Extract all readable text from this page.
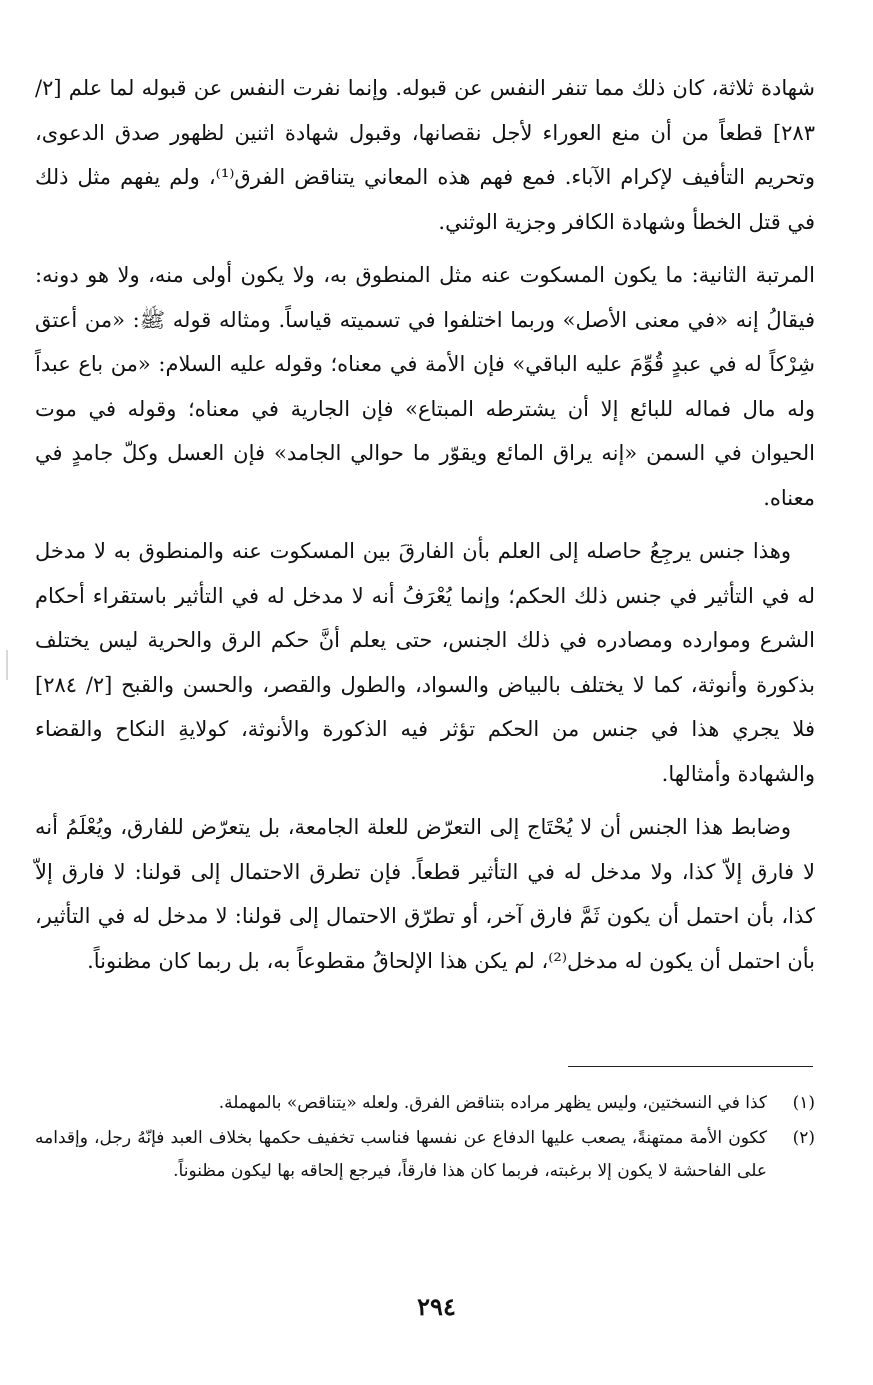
شهادة ثلاثة، كان ذلك مما تنفر النفس عن قبوله. وإنما نفرت النفس عن قبوله لما علم [٢/ ٢٨٣] قطعاً من أن منع العوراء لأجل نقصانها، وقبول شهادة اثنين لظهور صدق الدعوى، وتحريم التأفيف لإكرام الآباء. فمع فهم هذه المعاني يتناقض الفرق⁽¹⁾، ولم يفهم مثل ذلك في قتل الخطأ وشهادة الكافر وجزية الوثني.

المرتبة الثانية: ما يكون المسكوت عنه مثل المنطوق به، ولا يكون أولى منه، ولا هو دونه: فيقالُ إنه «في معنى الأصل» وربما اختلفوا في تسميته قياساً. ومثاله قوله ﷺ: «من أعتق شِرْكاً له في عبدٍ قُوِّمَ عليه الباقي» فإن الأمة في معناه؛ وقوله عليه السلام: «من باع عبداً وله مال فماله للبائع إلا أن يشترطه المبتاع» فإن الجارية في معناه؛ وقوله في موت الحيوان في السمن «إنه يراق المائع ويقوّر ما حوالي الجامد» فإن العسل وكلّ جامدٍ في معناه.

وهذا جنس يرجِعُ حاصله إلى العلم بأن الفارقَ بين المسكوت عنه والمنطوق به لا مدخل له في التأثير في جنس ذلك الحكم؛ وإنما يُعْرَفُ أنه لا مدخل له في التأثير باستقراء أحكام الشرع وموارده ومصادره في ذلك الجنس، حتى يعلم أنَّ حكم الرق والحرية ليس يختلف بذكورة وأنوثة، كما لا يختلف بالبياض والسواد، والطول والقصر، والحسن والقبح [٢/ ٢٨٤] فلا يجري هذا في جنس من الحكم تؤثر فيه الذكورة والأنوثة، كولايةِ النكاح والقضاء والشهادة وأمثالها.

وضابط هذا الجنس أن لا يُحْتَاج إلى التعرّض للعلة الجامعة، بل يتعرّض للفارق، ويُعْلَمُ أنه لا فارق إلاّ كذا، ولا مدخل له في التأثير قطعاً. فإن تطرق الاحتمال إلى قولنا: لا فارق إلاّ كذا، بأن احتمل أن يكون ثَمَّ فارق آخر، أو تطرّق الاحتمال إلى قولنا: لا مدخل له في التأثير، بأن احتمل أن يكون له مدخل⁽²⁾، لم يكن هذا الإلحاقُ مقطوعاً به، بل ربما كان مظنوناً.

(١)
كذا في النسختين، وليس يظهر مراده بتناقض الفرق. ولعله «يتناقص» بالمهملة.
(٢)
ككون الأمة ممتهنةً، يصعب عليها الدفاع عن نفسها فناسب تخفيف حكمها بخلاف العبد فإنّهُ رجل، وإقدامه على الفاحشة لا يكون إلا برغبته، فربما كان هذا فارقاً، فيرجع إلحاقه بها ليكون مظنوناً.
٢٩٤
